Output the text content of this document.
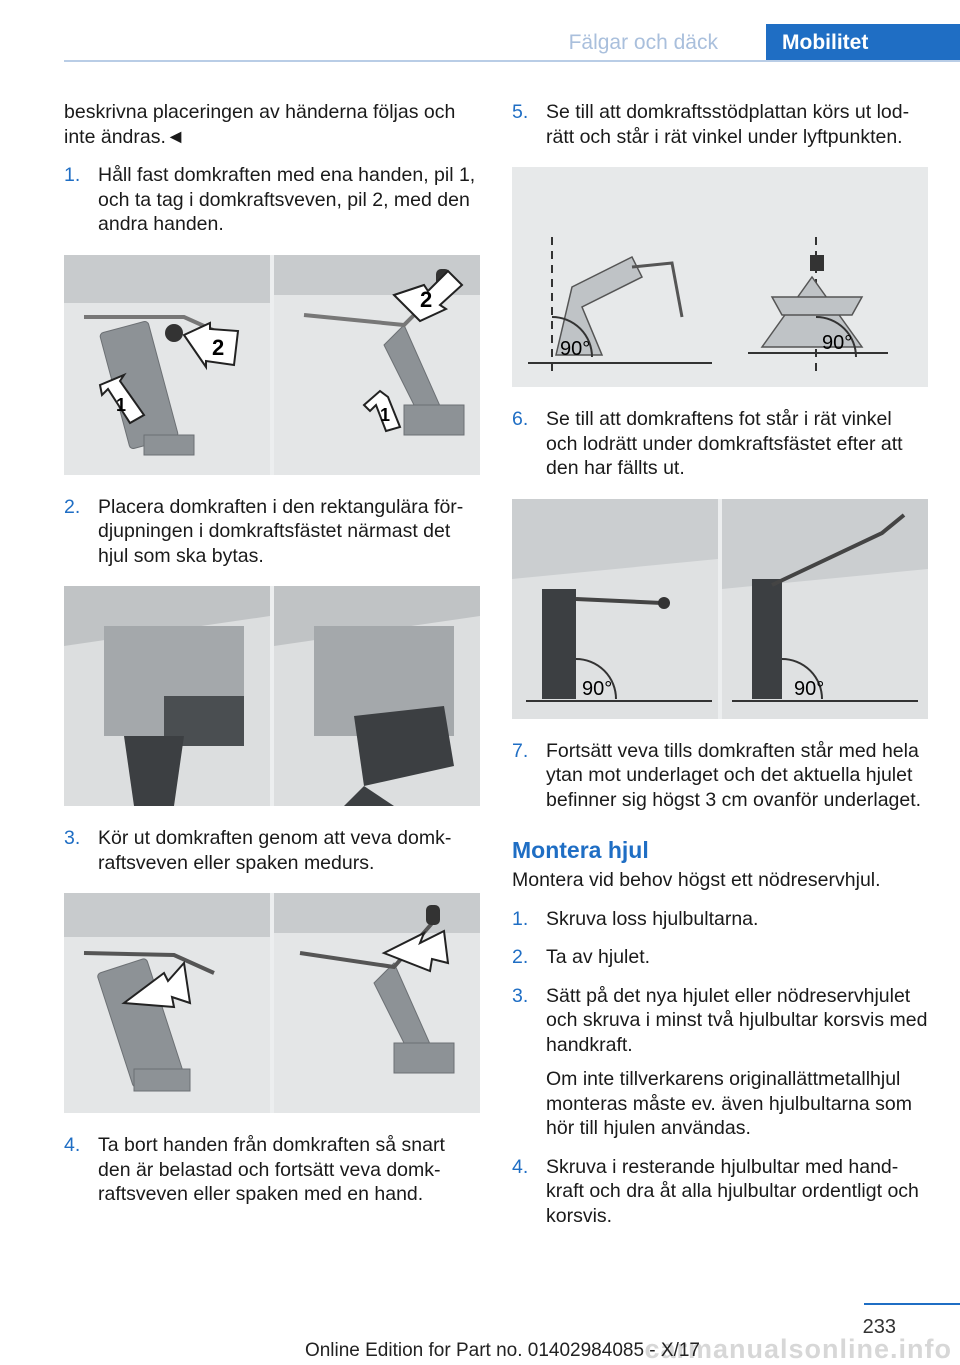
Fälgar och däck	Mobilitet

beskrivna placeringen av händerna följas och inte ändras.◄

1. Håll fast domkraften med ena handen, pil 1, och ta tag i domkraftsveven, pil 2, med den andra handen.
1
2
1
2
2. Placera domkraften i den rektangulära fördjupningen i domkraftsfästet närmast det hjul som ska bytas.
3. Kör ut domkraften genom att veva domkraftsveven eller spaken medurs.
4. Ta bort handen från domkraften så snart den är belastad och fortsätt veva domkraftsveven eller spaken med en hand.
5. Se till att domkraftsstödplattan körs ut lodrätt och står i rät vinkel under lyftpunkten.
90°	90°
6. Se till att domkraftens fot står i rät vinkel och lodrätt under domkraftsfästet efter att den har fällts ut.
90°	90°
7. Fortsätt veva tills domkraften står med hela ytan mot underlaget och det aktuella hjulet befinner sig högst 3 cm ovanför underlaget.
Montera hjul

Montera vid behov högst ett nödreservhjul.

1. Skruva loss hjulbultarna.
2. Ta av hjulet.
3. Sätt på det nya hjulet eller nödreservhjulet och skruva i minst två hjulbultar korsvis med handkraft.
Om inte tillverkarens originallättmetallhjul monteras måste ev. även hjulbultarna som hör till hjulen användas.
4. Skruva i resterande hjulbultar med handkraft och dra åt alla hjulbultar ordentligt och korsvis.
233
carmanualsonline.info
Online Edition for Part no. 01402984085 - X/17
